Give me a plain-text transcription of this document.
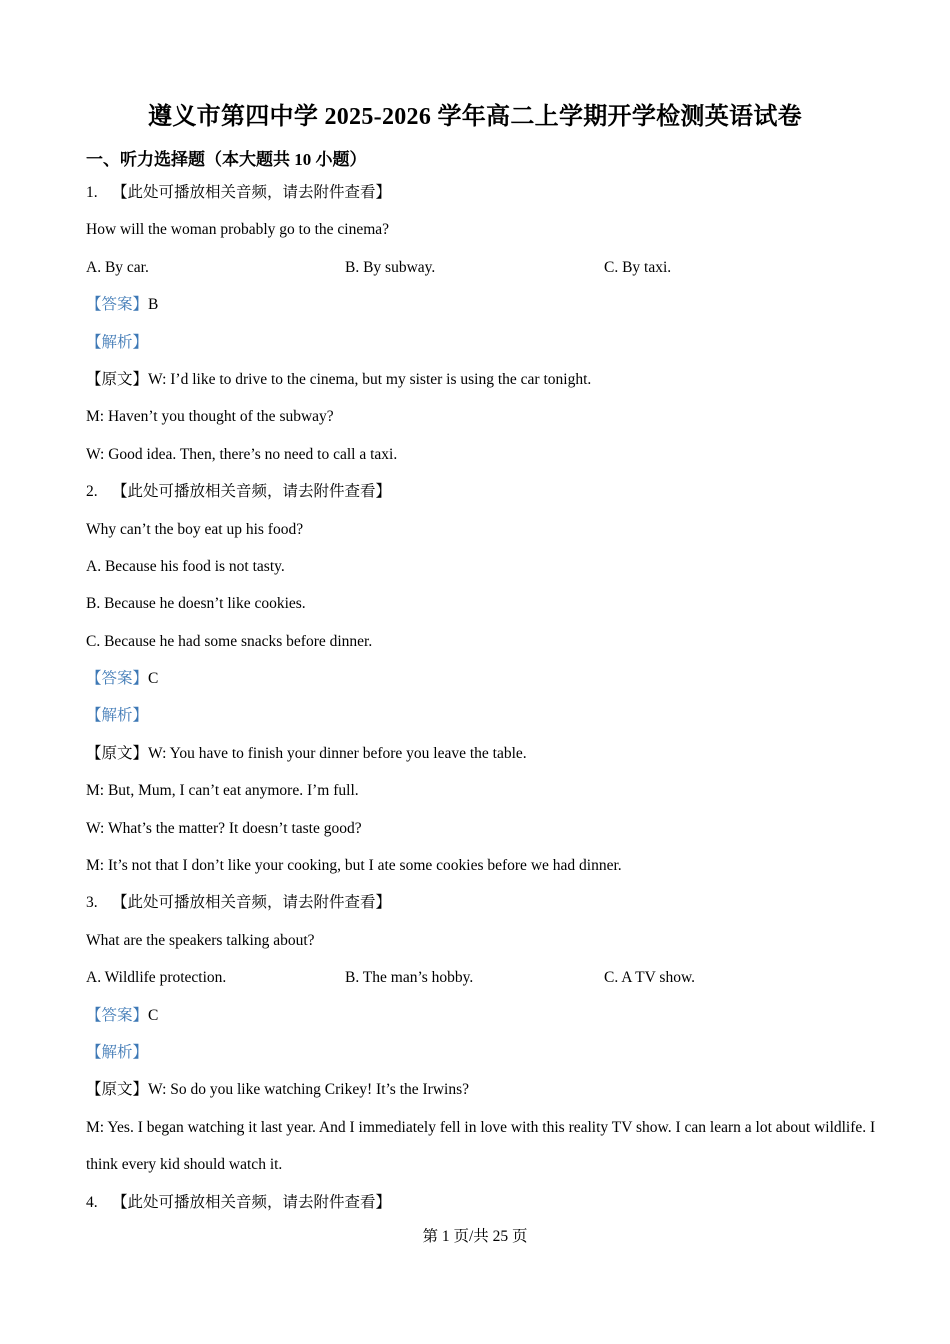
遵义市第四中学 2025-2026 学年高二上学期开学检测英语试卷
一、听力选择题（本大题共 10 小题）
1. 【此处可播放相关音频，请去附件查看】
How will the woman probably go to the cinema?
A. By car.	B. By subway.	C. By taxi.
【答案】B
【解析】
【原文】W: I’d like to drive to the cinema, but my sister is using the car tonight.
M: Haven’t you thought of the subway?
W: Good idea. Then, there’s no need to call a taxi.
2. 【此处可播放相关音频，请去附件查看】
Why can’t the boy eat up his food?
A. Because his food is not tasty.
B. Because he doesn’t like cookies.
C. Because he had some snacks before dinner.
【答案】C
【解析】
【原文】W: You have to finish your dinner before you leave the table.
M: But, Mum, I can’t eat anymore. I’m full.
W: What’s the matter? It doesn’t taste good?
M: It’s not that I don’t like your cooking, but I ate some cookies before we had dinner.
3. 【此处可播放相关音频，请去附件查看】
What are the speakers talking about?
A. Wildlife protection.	B. The man’s hobby.	C. A TV show.
【答案】C
【解析】
【原文】W: So do you like watching Crikey! It’s the Irwins?
M: Yes. I began watching it last year. And I immediately fell in love with this reality TV show. I can learn a lot about wildlife. I think every kid should watch it.
4. 【此处可播放相关音频，请去附件查看】
第 1 页/共 25 页
